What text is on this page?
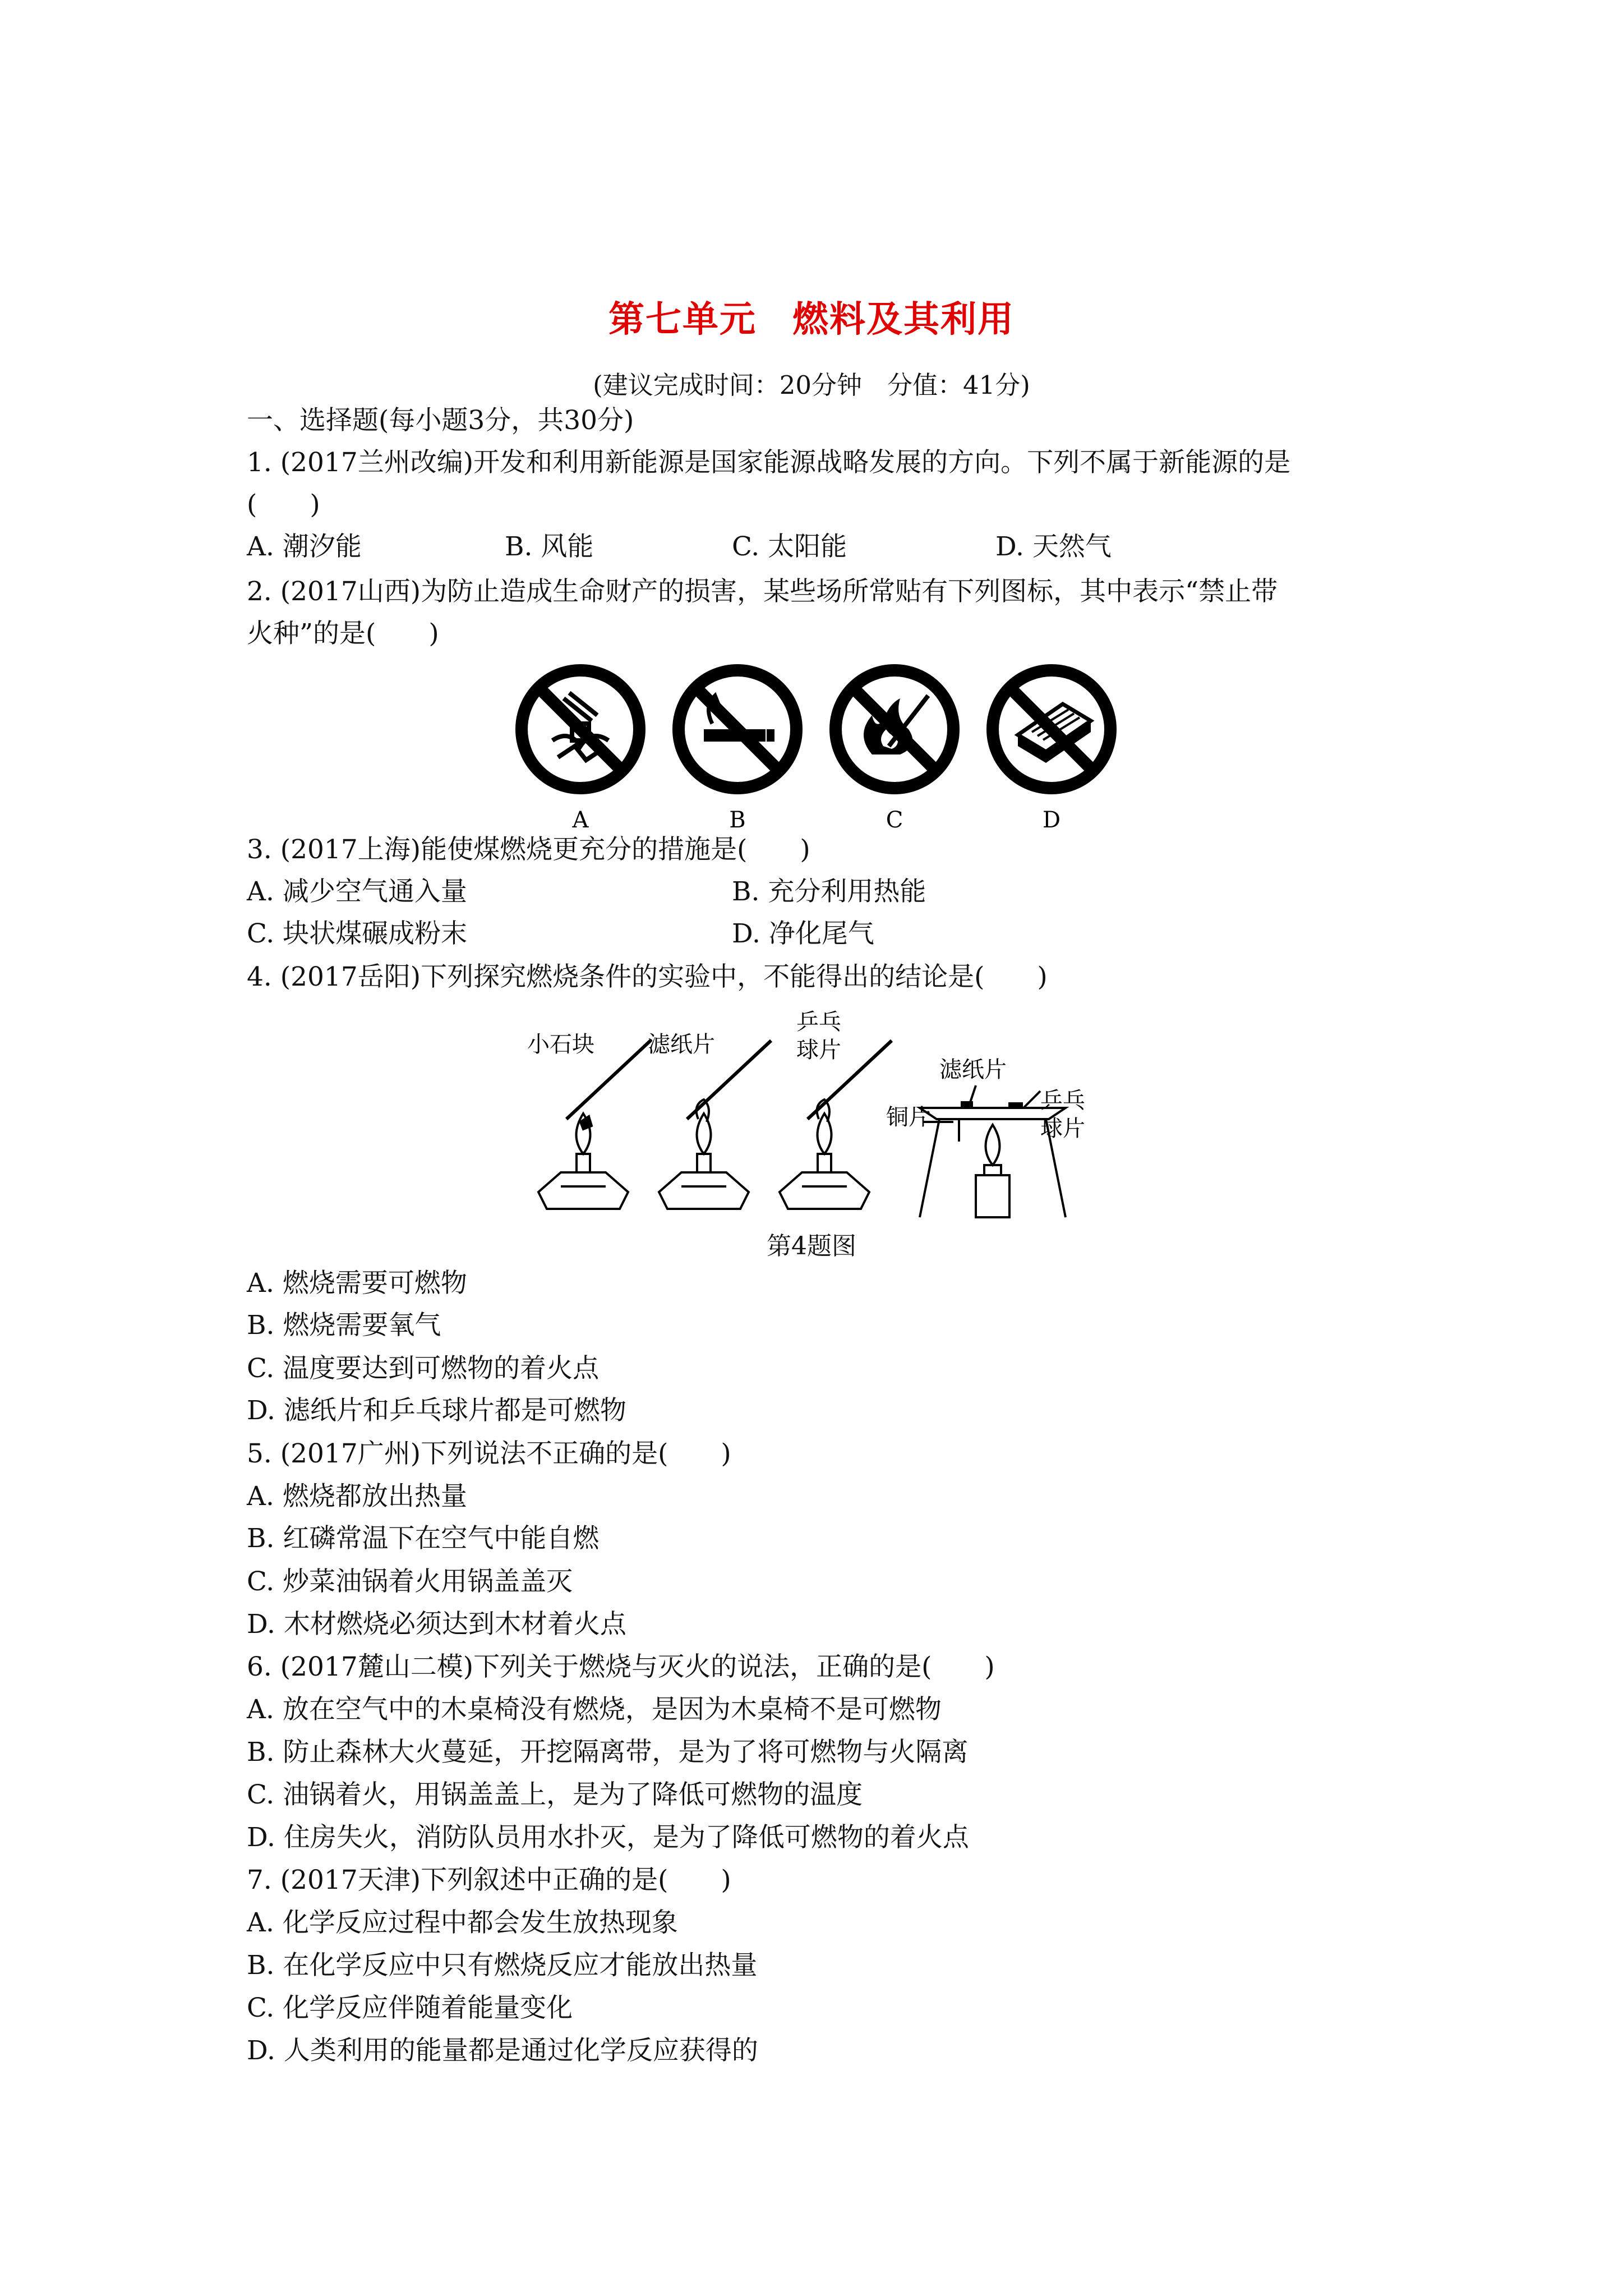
第七单元 燃料及其利用
(建议完成时间：20分钟　分值：41分)
一、选择题(每小题3分，共30分)
1. (2017兰州改编)开发和利用新能源是国家能源战略发展的方向。下列不属于新能源的是
(　　)
A. 潮汐能	B. 风能	C. 太阳能	D. 天然气
2. (2017山西)为防止造成生命财产的损害，某些场所常贴有下列图标，其中表示“禁止带
火种”的是(　　)
A	B	C	D
3. (2017上海)能使煤燃烧更充分的措施是(　　)
A. 减少空气通入量	B. 充分利用热能
C. 块状煤碾成粉末	D. 净化尾气
4. (2017岳阳)下列探究燃烧条件的实验中，不能得出的结论是(　　)
小石块 滤纸片
乒乓
球片
滤纸片
铜片
乒乓
球片
第4题图
A. 燃烧需要可燃物
B. 燃烧需要氧气
C. 温度要达到可燃物的着火点
D. 滤纸片和乒乓球片都是可燃物
5. (2017广州)下列说法不正确的是(　　)
A. 燃烧都放出热量
B. 红磷常温下在空气中能自燃
C. 炒菜油锅着火用锅盖盖灭
D. 木材燃烧必须达到木材着火点
6. (2017麓山二模)下列关于燃烧与灭火的说法，正确的是(　　)
A. 放在空气中的木桌椅没有燃烧，是因为木桌椅不是可燃物
B. 防止森林大火蔓延，开挖隔离带，是为了将可燃物与火隔离
C. 油锅着火，用锅盖盖上，是为了降低可燃物的温度
D. 住房失火，消防队员用水扑灭，是为了降低可燃物的着火点
7. (2017天津)下列叙述中正确的是(　　)
A. 化学反应过程中都会发生放热现象
B. 在化学反应中只有燃烧反应才能放出热量
C. 化学反应伴随着能量变化
D. 人类利用的能量都是通过化学反应获得的
